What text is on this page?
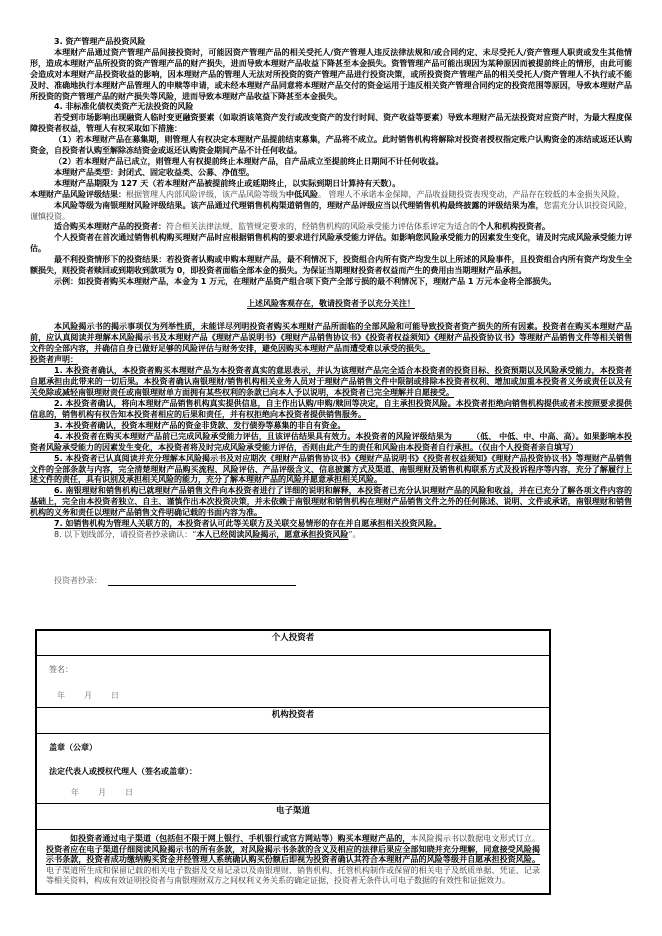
3. 资产管理产品投资风险
本理财产品通过资产管理产品间接投资时，可能因资产管理产品的相关受托人/资产管理人违反法律法规和/或合同约定、未尽受托人/资产管理人职责或发生其他情形，造成本理财产品所投资的资产管理产品的财产损失，进而导致本理财产品收益下降甚至本金损失。资管管理产品可能出现因为某种原因而被提前终止的情形，由此可能会造成对本理财产品投资收益的影响，因本理财产品的管理人无法对所投资的资产管理产品进行投资决策，或所投资资产管理产品的相关受托人/资产管理人不执行或不能及时、准确地执行本理财产品管理人的申赎等申请，或未经本理财产品同意将本理财产品交付的资金运用于违反相关资产管理合同约定的投资范围等原因，导致本理财产品所投资的资产管理产品的财产损失等风险，进而导致本理财产品收益下降甚至本金损失。
4. 非标准化债权类资产无法投资的风险
若受到市场影响出现融资人临时变更融资要素（如取消该笔资产发行或改变资产的发行时间、资产收益等要素）导致本理财产品无法投资对应资产时，为最大程度保障投资者权益，管理人有权采取如下措施：
（1）若本理财产品在募集期，则管理人有权决定本理财产品提前结束募集，产品将不成立。此时销售机构将解除对投资者授权指定账户认购资金的冻结或返还认购资金，自投资者认购至解除冻结资金或返还认购资金期间产品不计任何收益。
（2）若本理财产品已成立，则管理人有权提前终止本理财产品，自产品成立至提前终止日期间不计任何收益。
本理财产品类型：封闭式、固定收益类、公募、净值型。
本理财产品期限为 127 天（若本理财产品被提前终止或延期终止，以实际到期日计算持有天数）。
本理财产品风险评级结果：根据管理人内部风险评级，该产品风险等级为中低风险。 管理人不承诺本金保障，产品收益随投资表现变动，产品存在较低的本金损失风险。
本风险等级为南银理财风险评级结果。该产品通过代理销售机构渠道销售的，理财产品评级应当以代理销售机构最终披露的评级结果为准，您需充分认识投资风险，谨慎投资。
适合购买本理财产品的投资者：符合相关法律法规、监管规定要求的，经销售机构的风险承受能力评估体系评定为适合的个人和机构投资者。
个人投资者在首次通过销售机构购买理财产品时应根据销售机构的要求进行风险承受能力评估。如影响您风险承受能力的因素发生变化，请及时完成风险承受能力评估。
最不利投资情形下的投资结果：若投资者认购或申购本理财产品，最不利情况下，投资组合内所有资产均发生以上所述的风险事件，且投资组合内所有资产均发生全额损失，则投资者赎回或到期收到款项为 0，即投资者面临全部本金的损失。为保证当期理财投资者权益而产生的费用由当期理财产品承担。
示例：如投资者购买本理财产品，本金为 1 万元，在理财产品资产组合项下资产全部亏损的最不利情况下，理财产品 1 万元本金将全部损失。
上述风险客观存在，敬请投资者予以充分关注！
本风险揭示书的揭示事项仅为列举性质，未能详尽列明投资者购买本理财产品所面临的全部风险和可能导致投资者资产损失的所有因素。投资者在购买本理财产品前，应认真阅读并理解本风险揭示书及本理财产品《理财产品说明书》《理财产品销售协议书》《投资者权益须知》《理财产品投资协议书》等理财产品销售文件等相关销售文件的全部内容，并确信自身已做好足够的风险评估与财务安排，避免因购买本理财产品而遭受难以承受的损失。
投资者声明：
1. 本投资者确认，本投资者购买本理财产品为本投资者真实的意思表示，并认为该理财产品完全适合本投资者的投资目标、投资预期以及风险承受能力，本投资者自愿承担由此带来的一切后果。本投资者确认南银理财/销售机构相关业务人员对于理财产品销售文件中限制或排除本投资者权利、增加或加重本投资者义务或责任以及有关免除或减轻南银理财责任或南银理财单方面拥有某些权利的条款已向本人予以说明，本投资者已完全理解并自愿接受。
2. 本投资者确认，将向本理财产品销售机构真实提供信息，自主作出认购/申购/赎回等决定，自主承担投资风险。本投资者拒绝向销售机构提供或者未按照要求提供信息的，销售机构有权告知本投资者相应的后果和责任，并有权拒绝向本投资者提供销售服务。
3. 本投资者确认，投资本理财产品的资金非贷款、发行债券等募集的非自有资金。
4. 本投资者在购买本理财产品前已完成风险承受能力评估，且该评估结果具有效力。本投资者的风险评级结果为　　　（低、 中低、中、中高、高）。如果影响本投资者风险承受能力的因素发生变化，本投资者将及时完成风险承受能力评估，否则由此产生的责任和风险由本投资者自行承担。（仅由个人投资者亲自填写）
5. 本投资者已认真阅读并充分理解本风险揭示书及对应期次《理财产品销售协议书》《理财产品说明书》《投资者权益须知》《理财产品投资协议书》等理财产品销售文件的全部条款与内容，完全清楚理财产品购买流程、风险评估、产品评级含义、信息披露方式及渠道、南银理财及销售机构联系方式及投诉程序等内容，充分了解履行上述文件的责任，具有识别及承担相关风险的能力，充分了解本理财产品的风险并愿意承担相关风险。
6. 南银理财和销售机构已就理财产品销售文件向本投资者进行了详细的说明和解释，本投资者已充分认识理财产品的风险和收益，并在已充分了解各项文件内容的基础上，完全由本投资者独立、自主、谨慎作出本次投资决策，并未依赖于南银理财和销售机构在理财产品销售文件之外的任何陈述、说明、文件或承诺，南银理财和销售机构的义务和责任以理财产品销售文件明确记载的书面内容为准。
7. 如销售机构为管理人关联方的，本投资者认可此等关联方及关联交易情形的存在并自愿承担相关投资风险。
8. 以下划线部分，请投资者抄录确认：“本人已经阅读风险揭示，愿意承担投资风险”。
投资者抄录：
个人投资者

签名：
年　　月　　日

机构投资者

盖章（公章）
法定代表人或授权代理人（签名或盖章）：
年　　月　　日

电子渠道

如投资者通过电子渠道（包括但不限于网上银行、手机银行或官方网站等）购买本理财产品的，本风险揭示书以数据电文形式订立。投资者应在电子渠道仔细阅读风险揭示书的所有条款，对风险揭示书条款的含义及相应的法律后果应全部知晓并充分理解，同意接受风险揭示书条款，投资者成功缴纳购买资金并经管理人系统确认购买份额后即视为投资者确认其符合本理财产品的风险等级并自愿承担投资风险。电子渠道所生成和保留记载的相关电子数据及交易记录以及南银理财、销售机构、托管机构制作或保留的相关电子及纸质单据、凭证、记录等相关资料，构成有效证明投资者与南银理财双方之间权利义务关系的确定证据，投资者无条件认可电子数据的有效性和证据效力。
